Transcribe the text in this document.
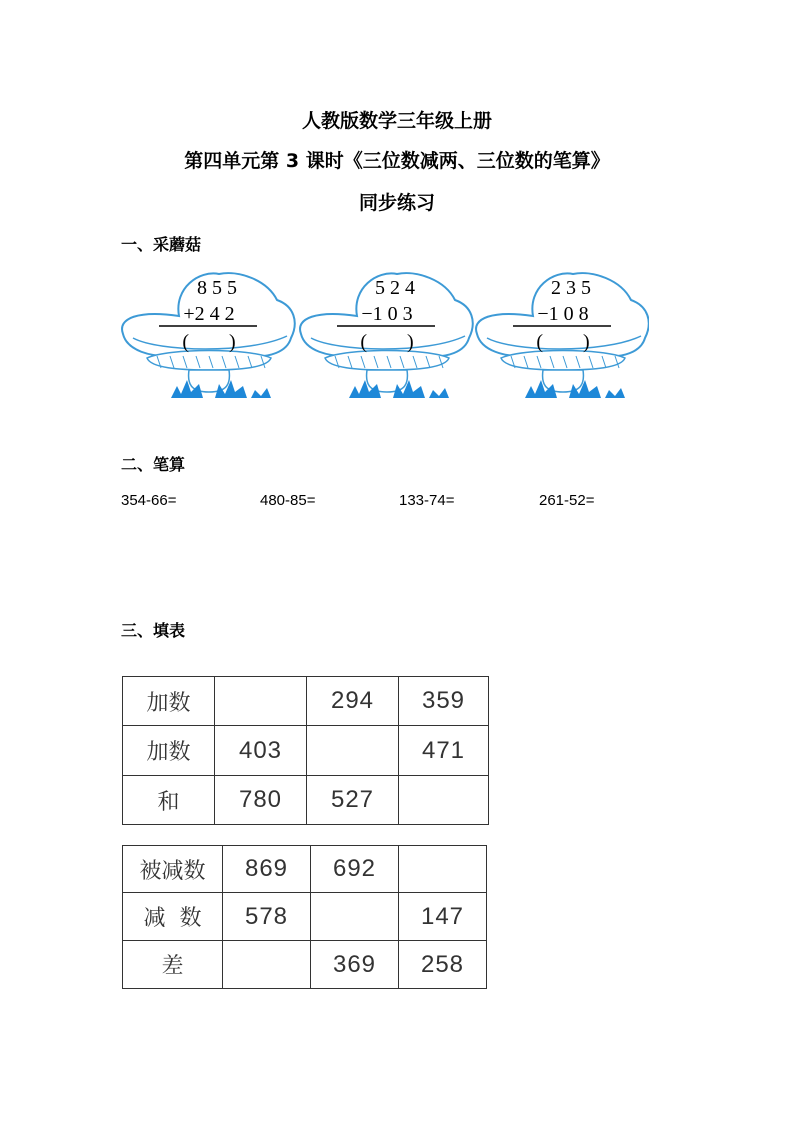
人教版数学三年级上册
第四单元第 3 课时《三位数减两、三位数的笔算》
同步练习
一、采蘑菇
8 5 5
+2 4 2
(        )
5 2 4
−1 0 3
(        )
2 3 5
−1 0 8
(        )
二、笔算
354-66=	480-85=	133-74=	261-52=
三、填表
加数		294	359
加数	403		471
和	780	527	
被减数	869	692	
减  数	578		147
差		369	258
